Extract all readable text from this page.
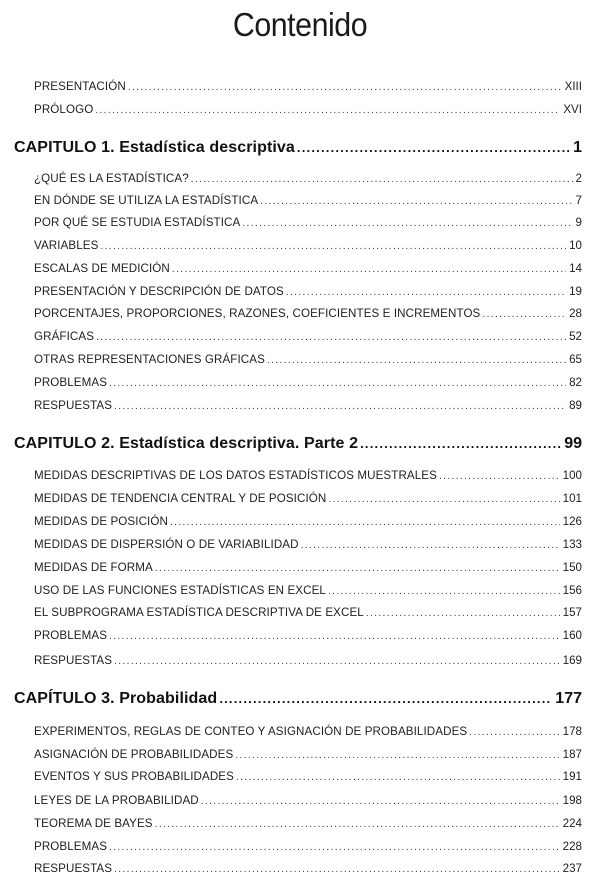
Contenido
PRESENTACIÓN .....	XIII
PRÓLOGO .....	XVI
CAPITULO 1. Estadística descriptiva .....	1
¿QUÉ ES LA ESTADÍSTICA? .....	2
EN DÓNDE SE UTILIZA LA ESTADÍSTICA .....	7
POR QUÉ SE ESTUDIA ESTADÍSTICA .....	9
VARIABLES .....	10
ESCALAS DE MEDICIÓN .....	14
PRESENTACIÓN Y DESCRIPCIÓN DE DATOS .....	19
PORCENTAJES, PROPORCIONES, RAZONES, COEFICIENTES E INCREMENTOS .....	28
GRÁFICAS .....	52
OTRAS REPRESENTACIONES GRÁFICAS .....	65
PROBLEMAS .....	82
RESPUESTAS .....	89
CAPITULO 2. Estadística descriptiva. Parte 2 .....	99
MEDIDAS DESCRIPTIVAS DE LOS DATOS ESTADÍSTICOS MUESTRALES .....	100
MEDIDAS DE TENDENCIA CENTRAL Y DE POSICIÓN .....	101
MEDIDAS DE POSICIÓN .....	126
MEDIDAS DE DISPERSIÓN O DE VARIABILIDAD .....	133
MEDIDAS DE FORMA .....	150
USO DE LAS FUNCIONES ESTADÍSTICAS EN EXCEL .....	156
EL SUBPROGRAMA ESTADÍSTICA DESCRIPTIVA DE EXCEL .....	157
PROBLEMAS .....	160
RESPUESTAS .....	169
CAPÍTULO 3. Probabilidad .....	177
EXPERIMENTOS, REGLAS DE CONTEO Y ASIGNACIÓN DE PROBABILIDADES .....	178
ASIGNACIÓN DE PROBABILIDADES .....	187
EVENTOS Y SUS PROBABILIDADES .....	191
LEYES DE LA PROBABILIDAD .....	198
TEOREMA DE BAYES .....	224
PROBLEMAS .....	228
RESPUESTAS .....	237
